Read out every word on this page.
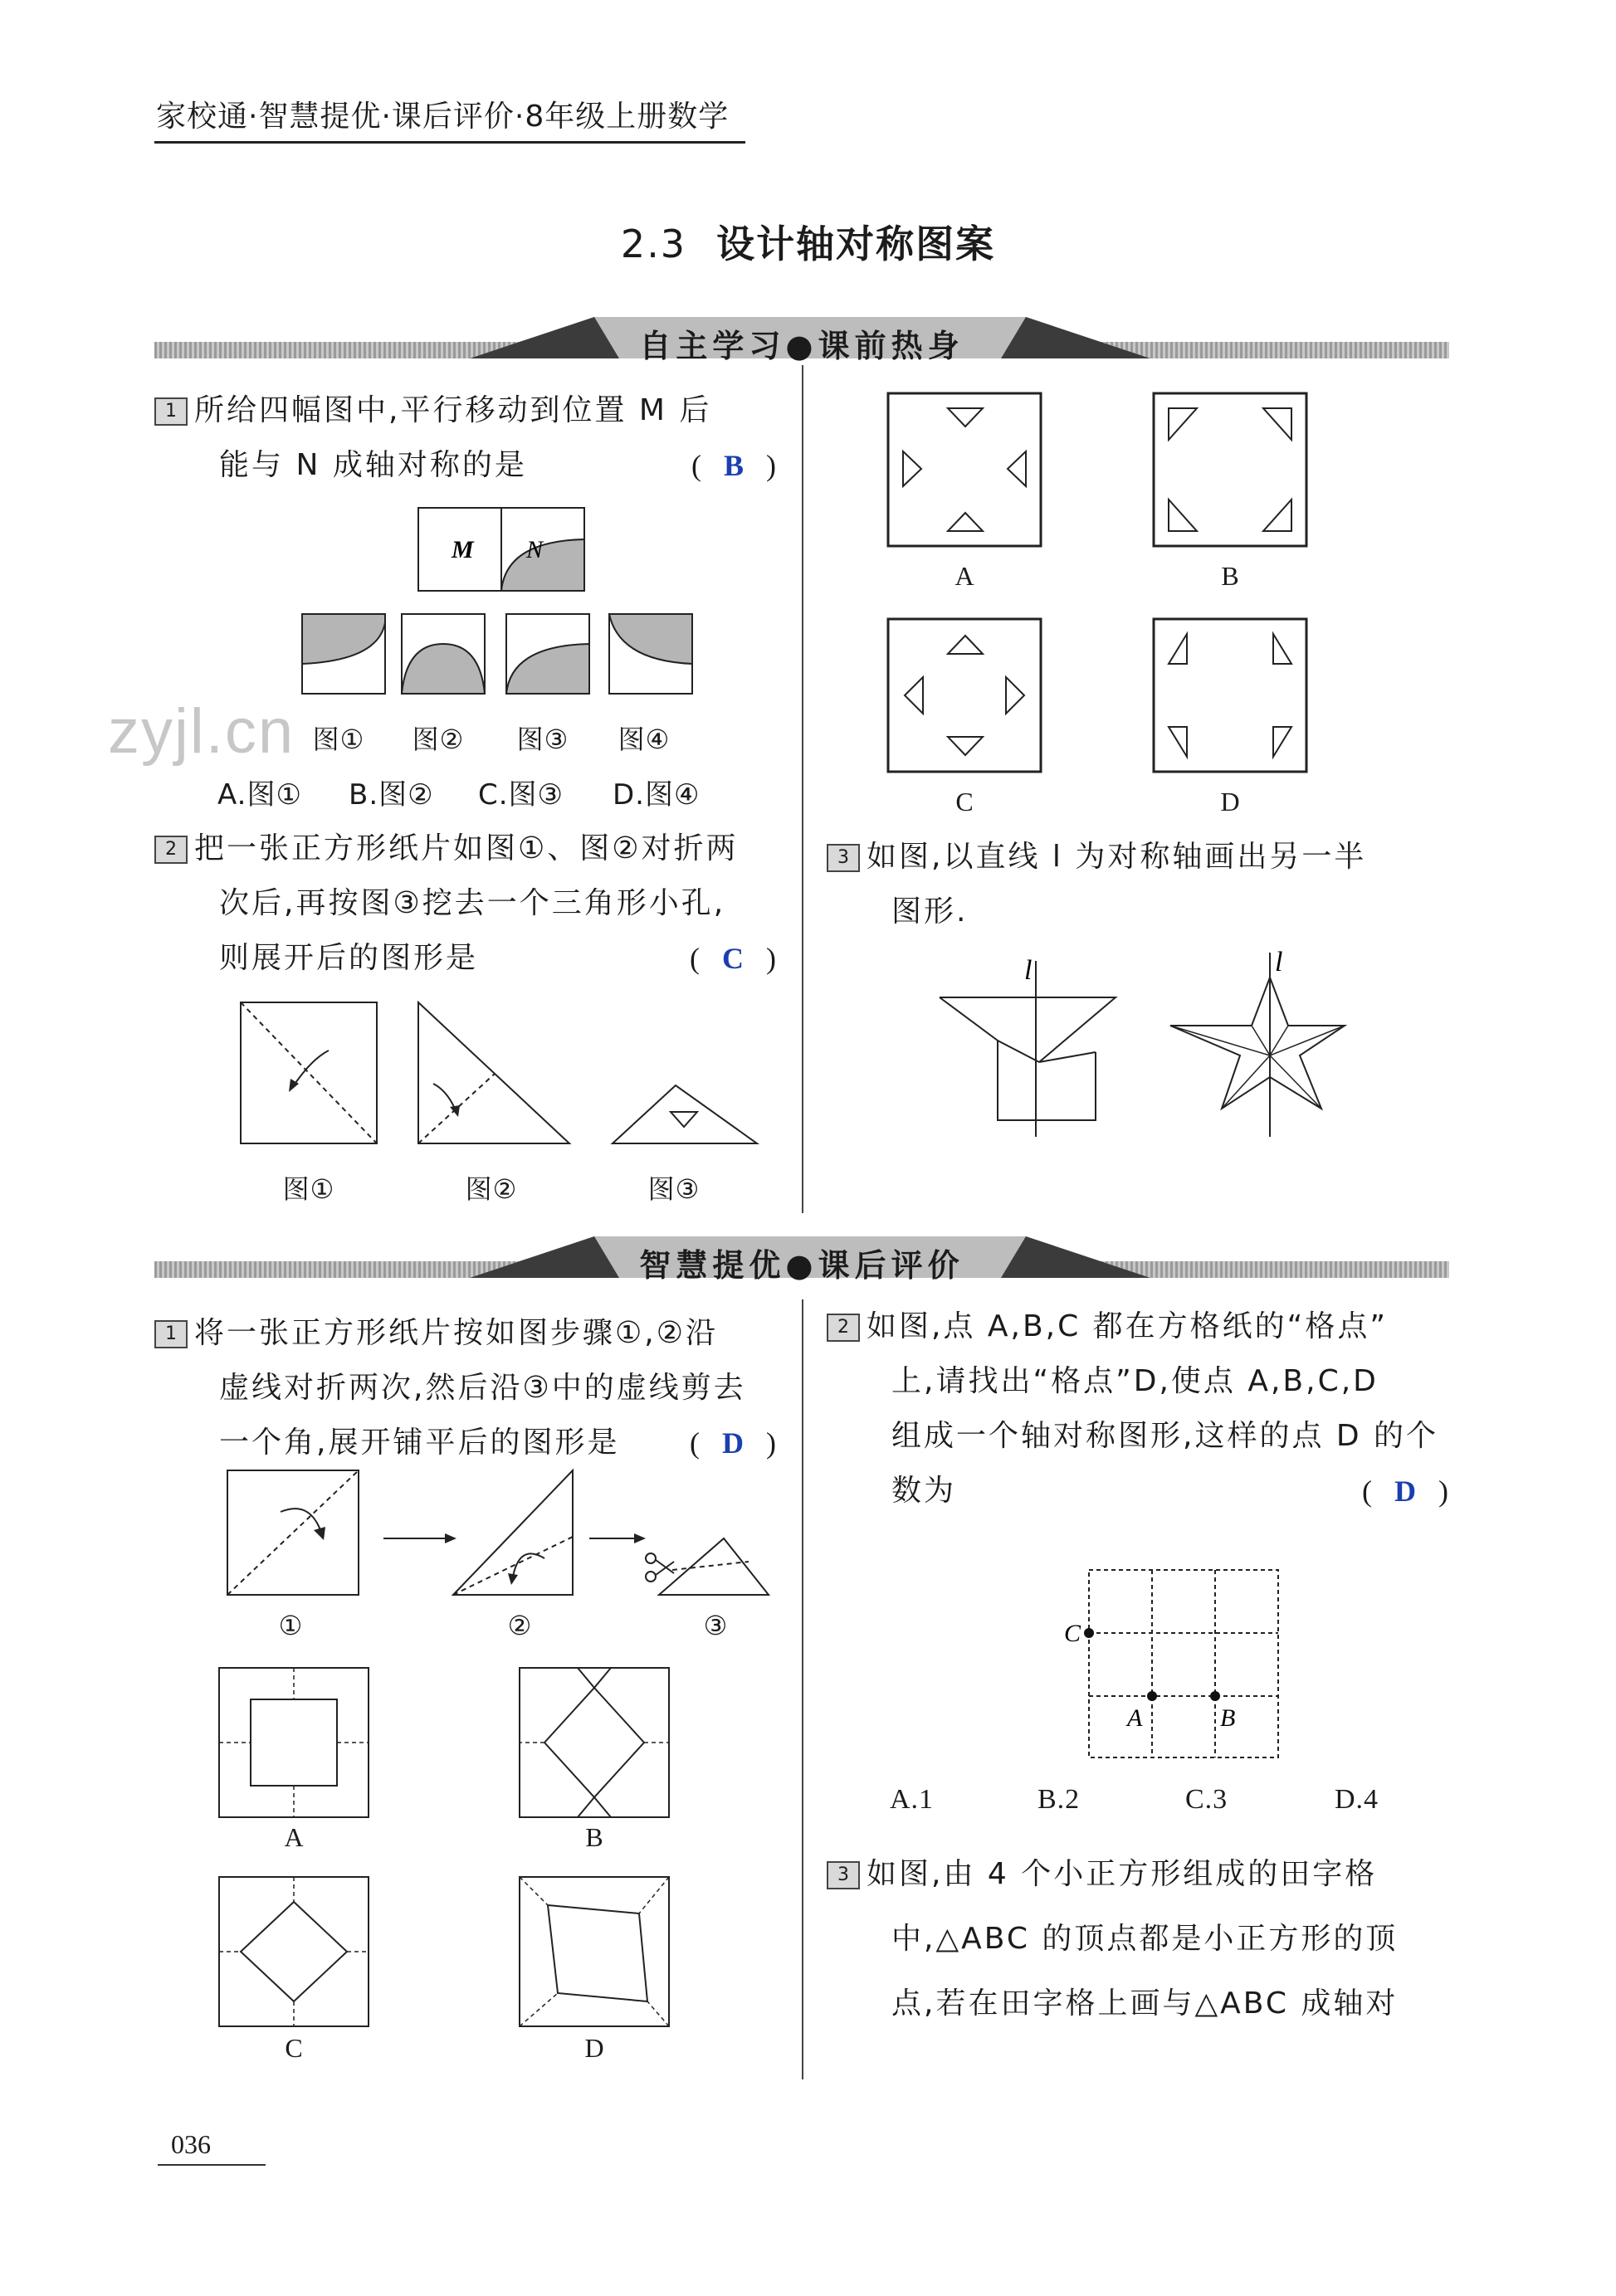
家校通·智慧提优·课后评价·8年级上册数学
2.3 设计轴对称图案
自主学习●课前热身
zyjl.cn
1 所给四幅图中,平行移动到位置 M 后
能与 N 成轴对称的是	(  B  )
M N
图①	图②	图③	图④
A.图① B.图② C.图③ D.图④
2 把一张正方形纸片如图①、图②对折两
次后,再按图③挖去一个三角形小孔,
则展开后的图形是	(  C  )
图①	图②	图③
A	B
C	D
3 如图,以直线 l 为对称轴画出另一半
图形.
l	l
智慧提优●课后评价
1 将一张正方形纸片按如图步骤①,②沿
虚线对折两次,然后沿③中的虚线剪去
一个角,展开铺平后的图形是 (  D  )
①	②	③
A	B
C	D
2 如图,点 A,B,C 都在方格纸的“格点”
上,请找出“格点”D,使点 A,B,C,D
组成一个轴对称图形,这样的点 D 的个
数为	(  D  )
C
A	B
A.1	B.2	C.3	D.4
3 如图,由 4 个小正方形组成的田字格
中,△ABC 的顶点都是小正方形的顶
点,若在田字格上画与△ABC 成轴对
036
